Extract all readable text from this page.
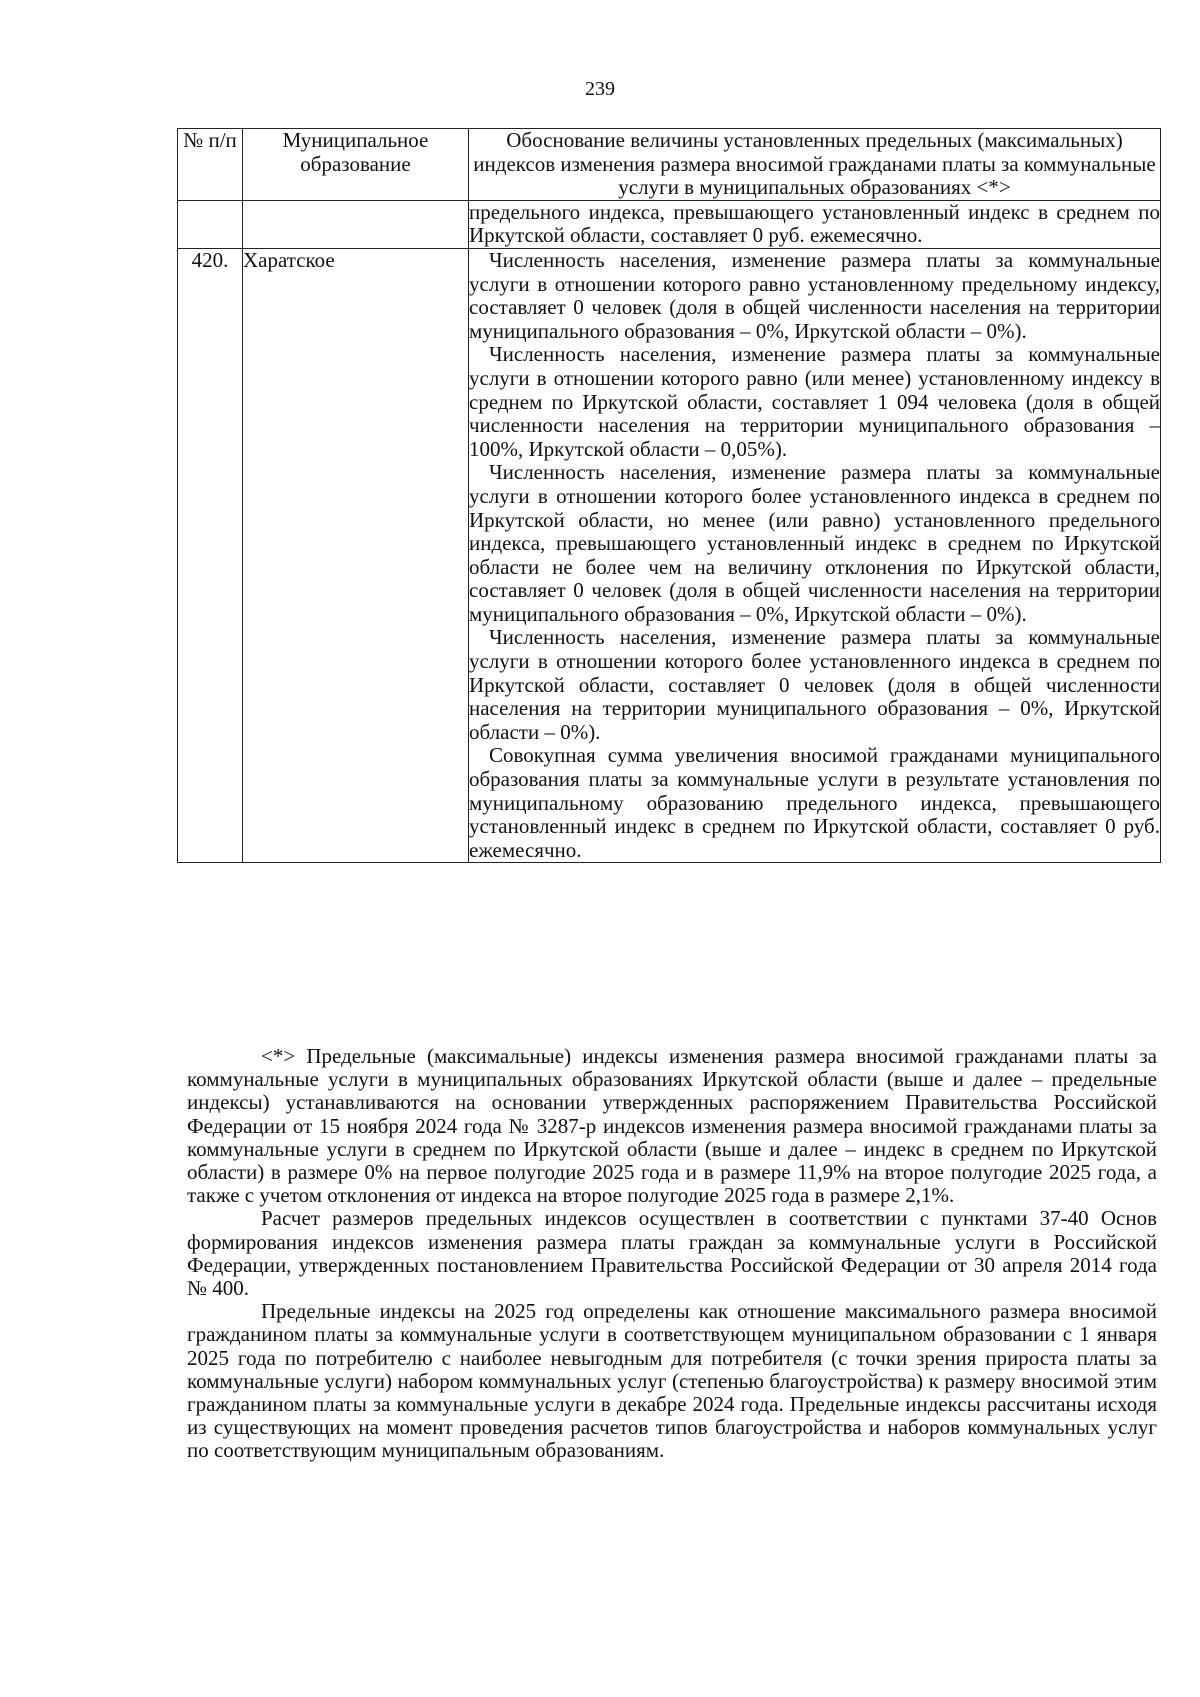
239
№ п/п	Муниципальное образование	Обоснование величины установленных предельных (максимальных) индексов изменения размера вносимой гражданами платы за коммунальные услуги в муниципальных образованиях <*>

		предельного индекса, превышающего установленный индекс в среднем по Иркутской области, составляет 0 руб. ежемесячно.

420.	Харатское	Численность населения, изменение размера платы за коммунальные услуги в отношении которого равно установленному предельному индексу, составляет 0 человек (доля в общей численности населения на территории муниципального образования – 0%, Иркутской области – 0%).

Численность населения, изменение размера платы за коммунальные услуги в отношении которого равно (или менее) установленному индексу в среднем по Иркутской области, составляет 1 094 человека (доля в общей численности населения на территории муниципального образования – 100%, Иркутской области – 0,05%).

Численность населения, изменение размера платы за коммунальные услуги в отношении которого более установленного индекса в среднем по Иркутской области, но менее (или равно) установленного предельного индекса, превышающего установленный индекс в среднем по Иркутской области не более чем на величину отклонения по Иркутской области, составляет 0 человек (доля в общей численности населения на территории муниципального образования – 0%, Иркутской области – 0%).

Численность населения, изменение размера платы за коммунальные услуги в отношении которого более установленного индекса в среднем по Иркутской области, составляет 0 человек (доля в общей численности населения на территории муниципального образования – 0%, Иркутской области – 0%).

Совокупная сумма увеличения вносимой гражданами муниципального образования платы за коммунальные услуги в результате установления по муниципальному образованию предельного индекса, превышающего установленный индекс в среднем по Иркутской области, составляет 0 руб. ежемесячно.

<*> Предельные (максимальные) индексы изменения размера вносимой гражданами платы за коммунальные услуги в муниципальных образованиях Иркутской области (выше и далее – предельные индексы) устанавливаются на основании утвержденных распоряжением Правительства Российской Федерации от 15 ноября 2024 года № 3287-р индексов изменения размера вносимой гражданами платы за коммунальные услуги в среднем по Иркутской области (выше и далее – индекс в среднем по Иркутской области) в размере 0% на первое полугодие 2025 года и в размере 11,9% на второе полугодие 2025 года, а также с учетом отклонения от индекса на второе полугодие 2025 года в размере 2,1%.

Расчет размеров предельных индексов осуществлен в соответствии с пунктами 37-40 Основ формирования индексов изменения размера платы граждан за коммунальные услуги в Российской Федерации, утвержденных постановлением Правительства Российской Федерации от 30 апреля 2014 года № 400.

Предельные индексы на 2025 год определены как отношение максимального размера вносимой гражданином платы за коммунальные услуги в соответствующем муниципальном образовании с 1 января 2025 года по потребителю с наиболее невыгодным для потребителя (с точки зрения прироста платы за коммунальные услуги) набором коммунальных услуг (степенью благоустройства) к размеру вносимой этим гражданином платы за коммунальные услуги в декабре 2024 года. Предельные индексы рассчитаны исходя из существующих на момент проведения расчетов типов благоустройства и наборов коммунальных услуг по соответствующим муниципальным образованиям.
